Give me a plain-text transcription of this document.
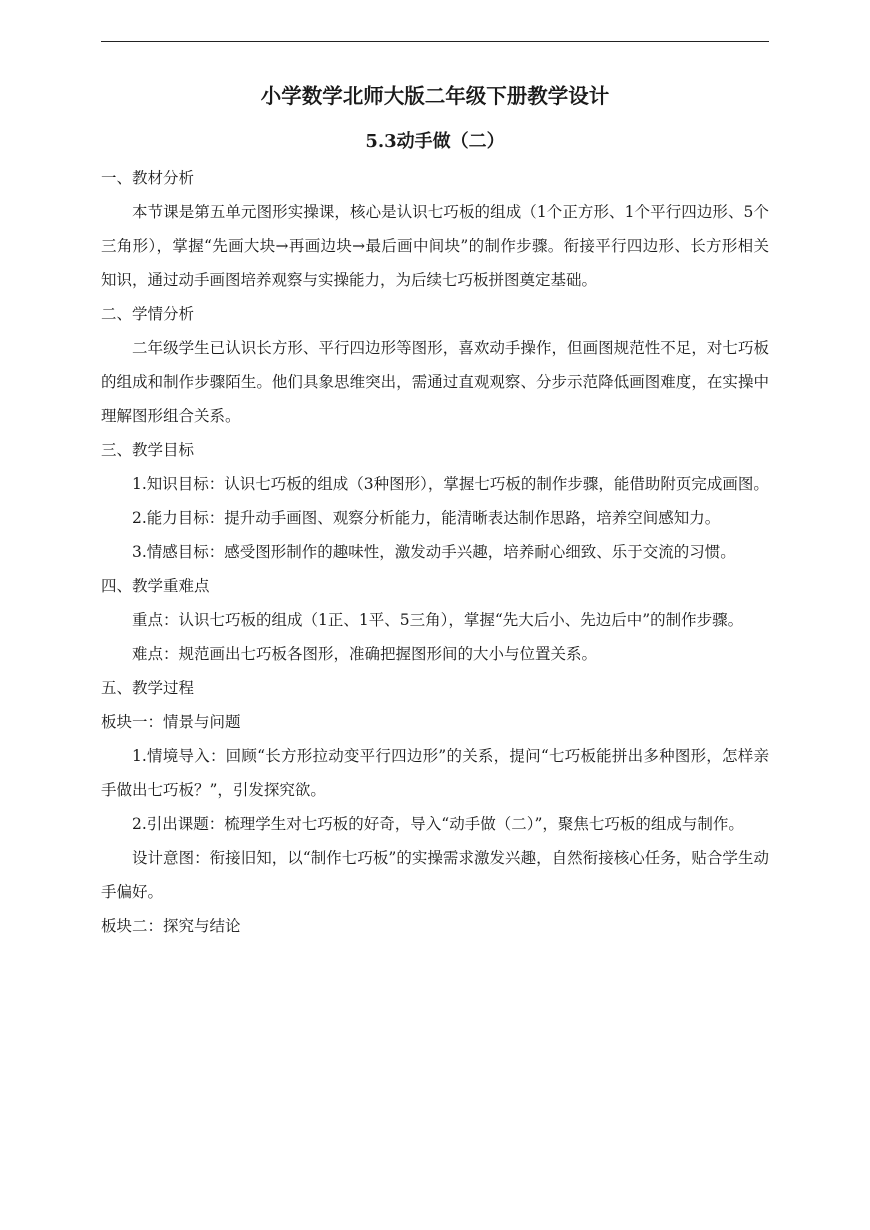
小学数学北师大版二年级下册教学设计

5.3动手做（二）

一、教材分析

本节课是第五单元图形实操课，核心是认识七巧板的组成（1个正方形、1个平行四边形、5个三角形），掌握“先画大块→再画边块→最后画中间块”的制作步骤。衔接平行四边形、长方形相关知识，通过动手画图培养观察与实操能力，为后续七巧板拼图奠定基础。

二、学情分析

二年级学生已认识长方形、平行四边形等图形，喜欢动手操作，但画图规范性不足，对七巧板的组成和制作步骤陌生。他们具象思维突出，需通过直观观察、分步示范降低画图难度，在实操中理解图形组合关系。

三、教学目标

1.知识目标：认识七巧板的组成（3种图形），掌握七巧板的制作步骤，能借助附页完成画图。

2.能力目标：提升动手画图、观察分析能力，能清晰表达制作思路，培养空间感知力。

3.情感目标：感受图形制作的趣味性，激发动手兴趣，培养耐心细致、乐于交流的习惯。

四、教学重难点

重点：认识七巧板的组成（1正、1平、5三角），掌握“先大后小、先边后中”的制作步骤。

难点：规范画出七巧板各图形，准确把握图形间的大小与位置关系。

五、教学过程

板块一：情景与问题

1.情境导入：回顾“长方形拉动变平行四边形”的关系，提问“七巧板能拼出多种图形，怎样亲手做出七巧板？”，引发探究欲。

2.引出课题：梳理学生对七巧板的好奇，导入“动手做（二）”，聚焦七巧板的组成与制作。

设计意图：衔接旧知，以“制作七巧板”的实操需求激发兴趣，自然衔接核心任务，贴合学生动手偏好。

板块二：探究与结论
